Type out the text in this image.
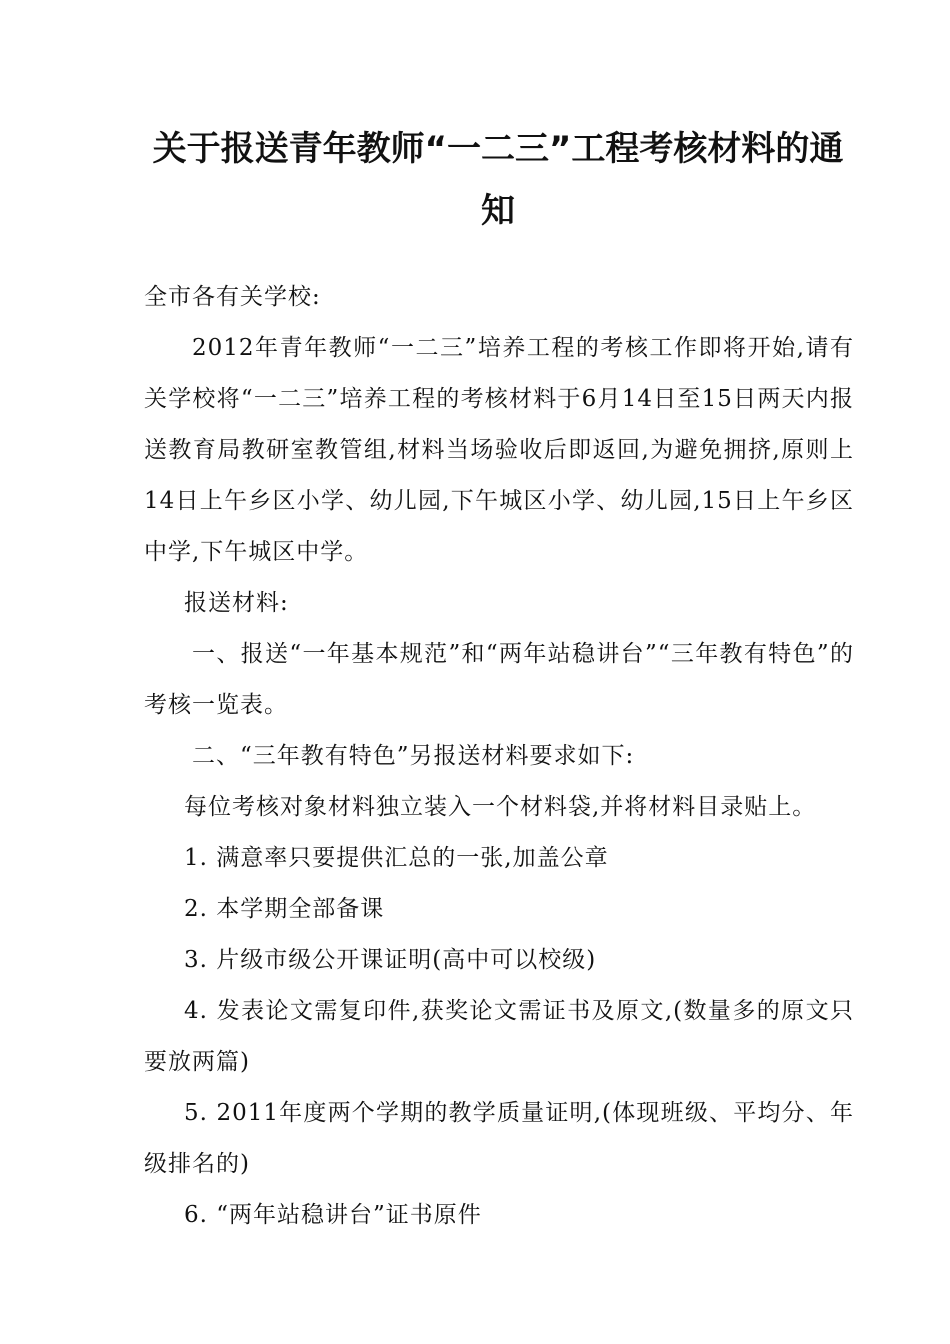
关于报送青年教师“一二三”工程考核材料的通知

全市各有关学校:

2012年青年教师“一二三”培养工程的考核工作即将开始,请有关学校将“一二三”培养工程的考核材料于6月14日至15日两天内报送教育局教研室教管组,材料当场验收后即返回,为避免拥挤,原则上14日上午乡区小学、幼儿园,下午城区小学、幼儿园,15日上午乡区中学,下午城区中学。

报送材料:

一、报送“一年基本规范”和“两年站稳讲台”“三年教有特色”的考核一览表。

二、“三年教有特色”另报送材料要求如下:

每位考核对象材料独立装入一个材料袋,并将材料目录贴上。

1. 满意率只要提供汇总的一张,加盖公章

2. 本学期全部备课

3. 片级市级公开课证明(高中可以校级)

4. 发表论文需复印件,获奖论文需证书及原文,(数量多的原文只要放两篇)

5. 2011年度两个学期的教学质量证明,(体现班级、平均分、年级排名的)

6. “两年站稳讲台”证书原件
